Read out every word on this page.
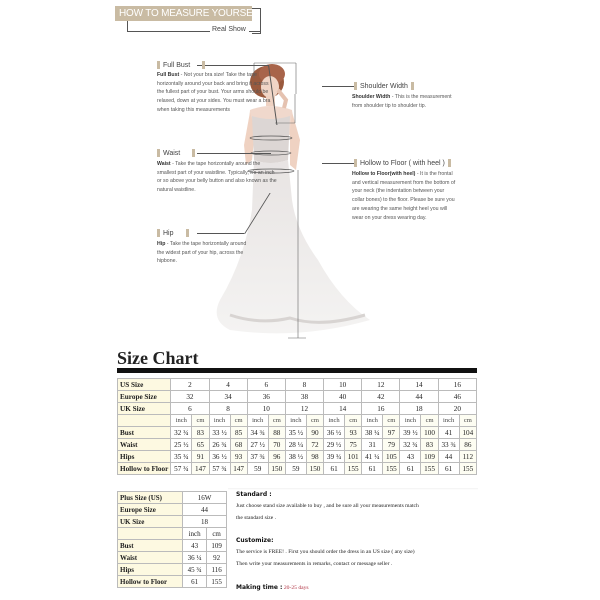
HOW TO MEASURE YOURSELF
Real Show
Full Bust
Full Bust - Not your bra size! Take the tape horizontally around your back and bring it across the fullest part of your bust. Your arms should be relaxed, down at your sides. You must wear a bra when taking this measurements
Waist
Waist - Take the tape horizontally around the smallest part of your waistline. Typically, it's an inch or so above your belly button and also known as the natural waistline.
Hip
Hip - Take the tape horizontally around the widest part of your hip, across the hipbone.
Shoulder Width
Shoulder Width - This is the measurement from shoulder tip to shoulder tip.
Hollow to Floor ( with heel )
Hollow to Floor(with heel) - It is the frontal and vertical measurement from the bottom of your neck (the indentation between your collar bones) to the floor. Please be sure you are wearing the same height heel you will wear on your dress wearing day.
Size Chart
US Size	2		4		6		8		10		12		14		16	
Europe Size	32		34		36		38		40		42		44		46	
UK Size	6		8		10		12		14		16		18		20	
	inch	cm	inch	cm	inch	cm	inch	cm	inch	cm	inch	cm	inch	cm	inch	cm
Bust	32 ¾	83	33 ½	85	34 ¾	88	35 ½	90	36 ½	93	38 ¼	97	39 ½	100	41	104
Waist	25 ½	65	26 ¾	68	27 ½	70	28 ¼	72	29 ½	75	31	79	32 ¾	83	33 ¾	86
Hips	35 ¾	91	36 ½	93	37 ¾	96	38 ½	98	39 ¾	101	41 ¼	105	43	109	44	112
Hollow to Floor	57 ¾	147	57 ¾	147	59	150	59	150	61	155	61	155	61	155	61	155
Plus Size (US)	16W	
Europe Size	44	
UK Size	18	
	inch	cm
Bust	43	109
Waist	36 ¼	92
Hips	45 ¾	116
Hollow to Floor	61	155
Standard :
Just choose stand size available to buy , and be sure all your measurements match
the standard size .
Customize:
The service is FREE! . First you should order the dress in an US size ( any size)
Then write your measurements in remarks, contact or message seller .
Making time : 20-25 days
